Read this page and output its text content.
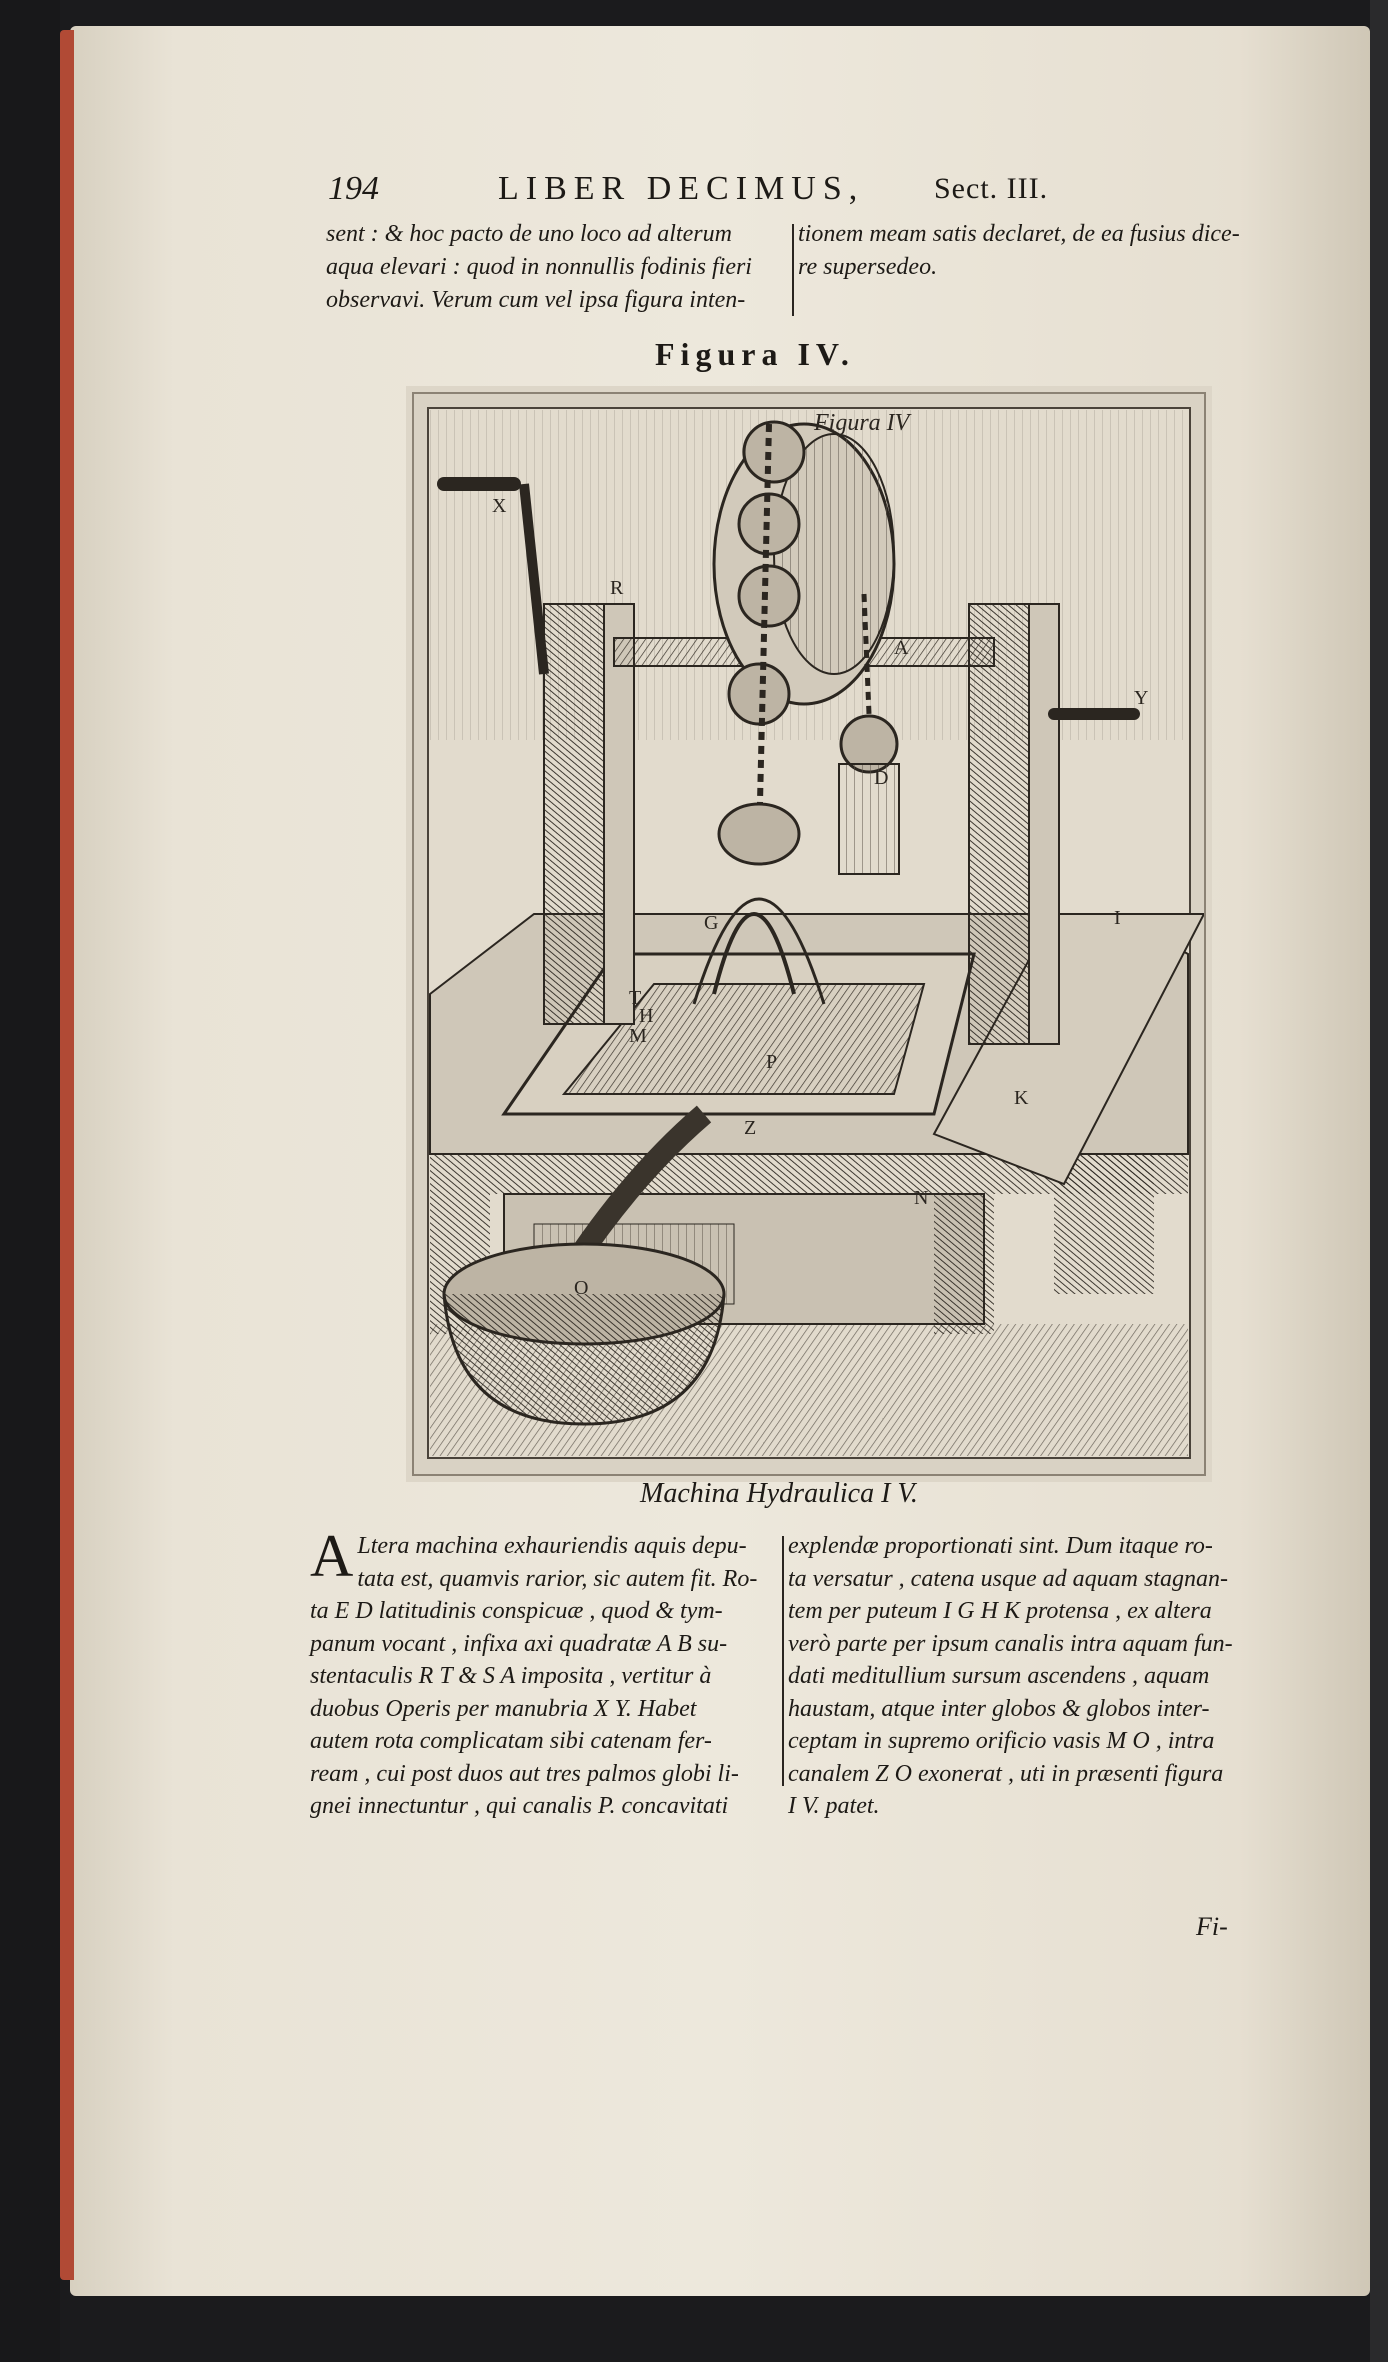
194	LIBER DECIMUS, Sect. III.
sent : & hoc pacto de uno loco ad alterum
aqua elevari : quod in nonnullis fodinis fieri
observavi. Verum cum vel ipsa figura inten-
tionem meam satis declaret, de ea fusius dice-
re supersedeo.
Figura IV.
Figura IV
X
R
A
Y
D
G	I
T
H
M
P
K
Z
N
O
Machina Hydraulica I V.
A Ltera machina exhauriendis aquis depu-
tata est, quamvis rarior, sic autem fit. Ro-
ta E D latitudinis conspicuæ , quod & tym-
panum vocant , infixa axi quadratæ A B su-
stentaculis R T & S A imposita , vertitur à
duobus Operis per manubria X Y. Habet
autem rota complicatam sibi catenam fer-
ream , cui post duos aut tres palmos globi li-
gnei innectuntur , qui canalis P. concavitati
explendæ proportionati sint. Dum itaque ro-
ta versatur , catena usque ad aquam stagnan-
tem per puteum I G H K protensa , ex altera
verò parte per ipsum canalis intra aquam fun-
dati meditullium sursum ascendens , aquam
haustam, atque inter globos & globos inter-
ceptam in supremo orificio vasis M O , intra
canalem Z O exonerat , uti in præsenti figura
I V. patet.
Fi-
